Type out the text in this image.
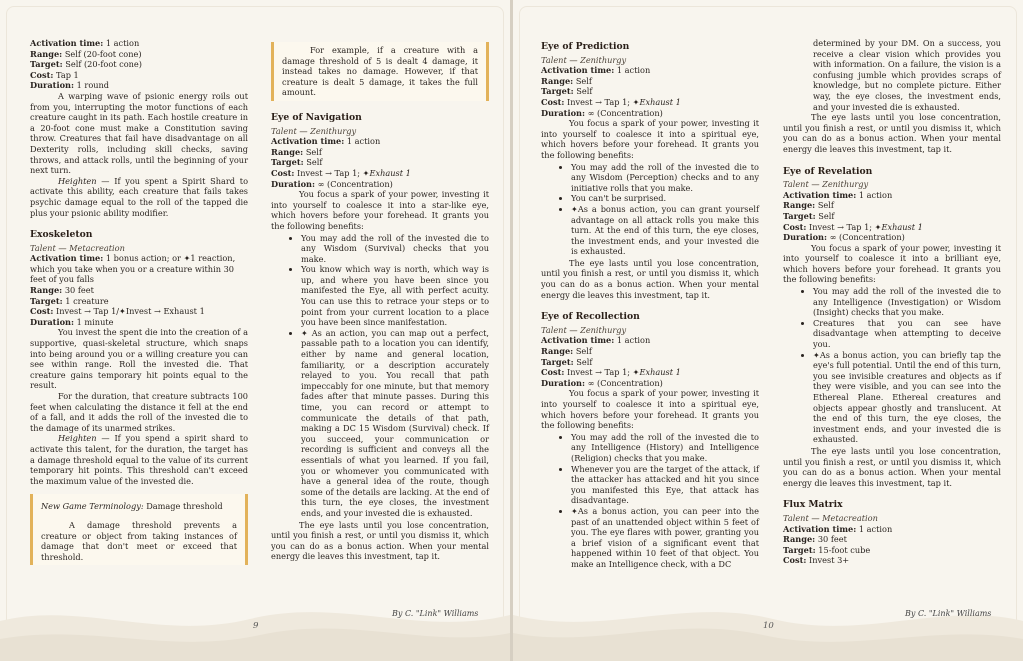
Activation time: 1 action

Range: Self (20-foot cone)

Target: Self (20-foot cone)

Cost: Tap 1

Duration: 1 round

A warping wave of psionic energy roils out from you, interrupting the motor functions of each creature caught in its path. Each hostile creature in a 20-foot cone must make a Constitution saving throw. Creatures that fail have disadvantage on all Dexterity rolls, including skill checks, saving throws, and attack rolls, until the beginning of your next turn.

Heighten — If you spent a Spirit Shard to activate this ability, each creature that fails takes psychic damage equal to the roll of the tapped die plus your psionic ability modifier.

Exoskeleton

Talent — Metacreation

Activation time: 1 bonus action; or ✦1 reaction, which you take when you or a creature within 30 feet of you falls

Range: 30 feet

Target: 1 creature

Cost: Invest → Tap 1/✦Invest → Exhaust 1

Duration: 1 minute

You invest the spent die into the creation of a supportive, quasi-skeletal structure, which snaps into being around you or a willing creature you can see within range. Roll the invested die. That creature gains temporary hit points equal to the result.

For the duration, that creature subtracts 100 feet when calculating the distance it fell at the end of a fall, and it adds the roll of the invested die to the damage of its unarmed strikes.

Heighten — If you spend a spirit shard to activate this talent, for the duration, the target has a damage threshold equal to the value of its current temporary hit points. This threshold can't exceed the maximum value of the invested die.

New Game Terminology: Damage threshold

A damage threshold prevents a creature or object from taking instances of damage that don't meet or exceed that threshold.

For example, if a creature with a damage threshold of 5 is dealt 4 damage, it instead takes no damage. However, if that creature is dealt 5 damage, it takes the full amount.

Eye of Navigation

Talent — Zenithurgy

Activation time: 1 action

Range: Self

Target: Self

Cost: Invest → Tap 1; ✦Exhaust 1

Duration: ∞ (Concentration)

You focus a spark of your power, investing it into yourself to coalesce it into a star-like eye, which hovers before your forehead. It grants you the following benefits:

• You may add the roll of the invested die to any Wisdom (Survival) checks that you make.
• You know which way is north, which way is up, and where you have been since you manifested the Eye, all with perfect acuity. You can use this to retrace your steps or to point from your current location to a place you have been since manifestation.
• ✦ As an action, you can map out a perfect, passable path to a location you can identify, either by name and general location, familiarity, or a description accurately relayed to you. You recall that path impeccably for one minute, but that memory fades after that minute passes. During this time, you can record or attempt to communicate the details of that path, making a DC 15 Wisdom (Survival) check. If you succeed, your communication or recording is sufficient and conveys all the essentials of what you learned. If you fail, you or whomever you communicated with have a general idea of the route, though some of the details are lacking. At the end of this turn, the eye closes, the investment ends, and your invested die is exhausted.

The eye lasts until you lose concentration, until you finish a rest, or until you dismiss it, which you can do as a bonus action. When your mental energy die leaves this investment, tap it.

By C. "Link" Williams
9
Eye of Prediction

Talent — Zenithurgy

Activation time: 1 action

Range: Self

Target: Self

Cost: Invest → Tap 1; ✦Exhaust 1

Duration: ∞ (Concentration)

You focus a spark of your power, investing it into yourself to coalesce it into a spiritual eye, which hovers before your forehead. It grants you the following benefits:

• You may add the roll of the invested die to any Wisdom (Perception) checks and to any initiative rolls that you make.
• You can't be surprised.
• ✦As a bonus action, you can grant yourself advantage on all attack rolls you make this turn. At the end of this turn, the eye closes, the investment ends, and your invested die is exhausted.

The eye lasts until you lose concentration, until you finish a rest, or until you dismiss it, which you can do as a bonus action. When your mental energy die leaves this investment, tap it.

Eye of Recollection

Talent — Zenithurgy

Activation time: 1 action

Range: Self

Target: Self

Cost: Invest → Tap 1; ✦Exhaust 1

Duration: ∞ (Concentration)

You focus a spark of your power, investing it into yourself to coalesce it into a spiritual eye, which hovers before your forehead. It grants you the following benefits:

• You may add the roll of the invested die to any Intelligence (History) and Intelligence (Religion) checks that you make.
• Whenever you are the target of the attack, if the attacker has attacked and hit you since you manifested this Eye, that attack has disadvantage.
• ✦As a bonus action, you can peer into the past of an unattended object within 5 feet of you. The eye flares with power, granting you a brief vision of a significant event that happened within 10 feet of that object. You make an Intelligence check, with a DC

determined by your DM. On a success, you receive a clear vision which provides you with information. On a failure, the vision is a confusing jumble which provides scraps of knowledge, but no complete picture. Either way, the eye closes, the investment ends, and your invested die is exhausted.

The eye lasts until you lose concentration, until you finish a rest, or until you dismiss it, which you can do as a bonus action. When your mental energy die leaves this investment, tap it.

Eye of Revelation

Talent — Zenithurgy

Activation time: 1 action

Range: Self

Target: Self

Cost: Invest → Tap 1; ✦Exhaust 1

Duration: ∞ (Concentration)

You focus a spark of your power, investing it into yourself to coalesce it into a brilliant eye, which hovers before your forehead. It grants you the following benefits:

• You may add the roll of the invested die to any Intelligence (Investigation) or Wisdom (Insight) checks that you make.
• Creatures that you can see have disadvantage when attempting to deceive you.
• ✦As a bonus action, you can briefly tap the eye's full potential. Until the end of this turn, you see invisible creatures and objects as if they were visible, and you can see into the Ethereal Plane. Ethereal creatures and objects appear ghostly and translucent. At the end of this turn, the eye closes, the investment ends, and your invested die is exhausted.

The eye lasts until you lose concentration, until you finish a rest, or until you dismiss it, which you can do as a bonus action. When your mental energy die leaves this investment, tap it.

Flux Matrix

Talent — Metacreation

Activation time: 1 action

Range: 30 feet

Target: 15-foot cube

Cost: Invest 3+

By C. "Link" Williams
10
